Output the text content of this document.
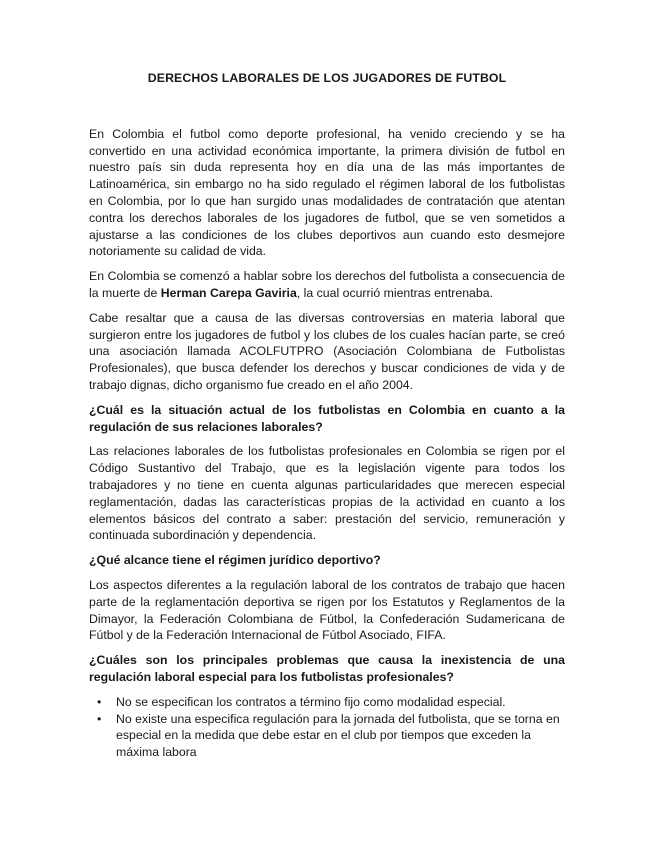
DERECHOS LABORALES DE LOS JUGADORES DE FUTBOL

En Colombia el futbol como deporte profesional, ha venido creciendo y se ha convertido en una actividad económica importante, la primera división de futbol en nuestro país sin duda representa hoy en día una de las más importantes de Latinoamérica, sin embargo no ha sido regulado el régimen laboral de los futbolistas en Colombia, por lo que han surgido unas modalidades de contratación que atentan contra los derechos laborales de los jugadores de futbol, que se ven sometidos a ajustarse a las condiciones de los clubes deportivos aun cuando esto desmejore notoriamente su calidad de vida.

En Colombia se comenzó a hablar sobre los derechos del futbolista a consecuencia de la muerte de Herman Carepa Gaviria, la cual ocurrió mientras entrenaba.

Cabe resaltar que a causa de las diversas controversias en materia laboral que surgieron entre los jugadores de futbol y los clubes de los cuales hacían parte, se creó una asociación llamada ACOLFUTPRO (Asociación Colombiana de Futbolistas Profesionales), que busca defender los derechos y buscar condiciones de vida y de trabajo dignas, dicho organismo fue creado en el año 2004.

¿Cuál es la situación actual de los futbolistas en Colombia en cuanto a la regulación de sus relaciones laborales?

Las relaciones laborales de los futbolistas profesionales en Colombia se rigen por el Código Sustantivo del Trabajo, que es la legislación vigente para todos los trabajadores y no tiene en cuenta algunas particularidades que merecen especial reglamentación, dadas las características propias de la actividad en cuanto a los elementos básicos del contrato a saber: prestación del servicio, remuneración y continuada subordinación y dependencia.

¿Qué alcance tiene el régimen jurídico deportivo?

Los aspectos diferentes a la regulación laboral de los contratos de trabajo que hacen parte de la reglamentación deportiva se rigen por los Estatutos y Reglamentos de la Dimayor, la Federación Colombiana de Fútbol, la Confederación Sudamericana de Fútbol y de la Federación Internacional de Fútbol Asociado, FIFA.

¿Cuáles son los principales problemas que causa la inexistencia de una regulación laboral especial para los futbolistas profesionales?
• No se especifican los contratos a término fijo como modalidad especial.
• No existe una especifica regulación para la jornada del futbolista, que se torna en especial en la medida que debe estar en el club por tiempos que exceden la máxima labora
